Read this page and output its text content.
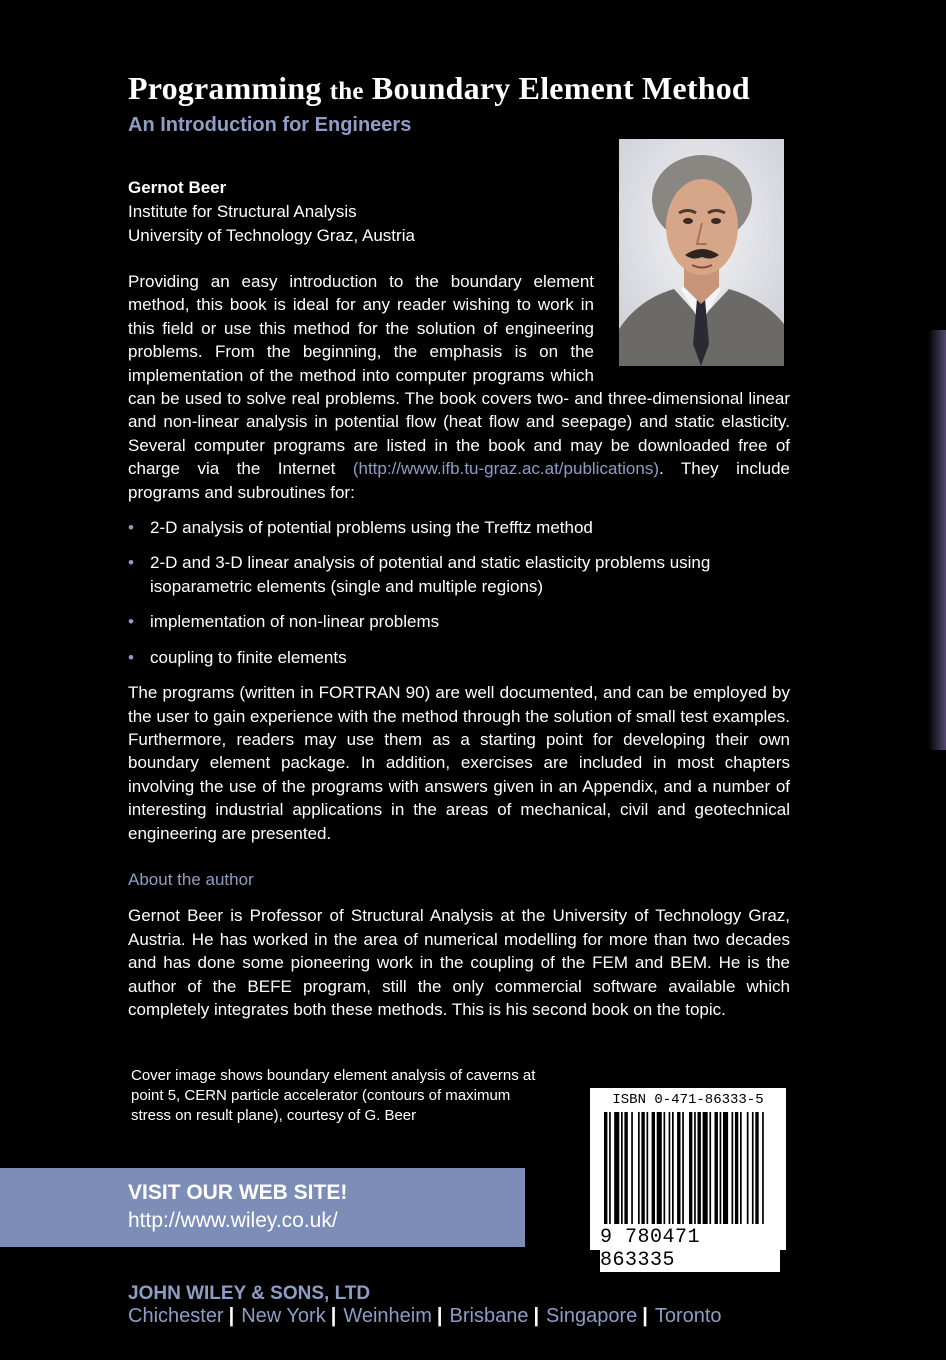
Programming the Boundary Element Method
An Introduction for Engineers
Gernot Beer
Institute for Structural Analysis
University of Technology Graz, Austria

Providing an easy introduction to the boundary element method, this book is ideal for any reader wishing to work in this field or use this method for the solution of engineering problems. From the beginning, the emphasis is on the implementation of the method into computer programs which can be used to solve real problems. The book covers two- and three-dimensional linear and non-linear analysis in potential flow (heat flow and seepage) and static elasticity. Several computer programs are listed in the book and may be downloaded free of charge via the Internet (http://www.ifb.tu-graz.ac.at/publications). They include programs and subroutines for:

• 2-D analysis of potential problems using the Trefftz method
• 2-D and 3-D linear analysis of potential and static elasticity problems using isoparametric elements (single and multiple regions)
• implementation of non-linear problems
• coupling to finite elements

The programs (written in FORTRAN 90) are well documented, and can be employed by the user to gain experience with the method through the solution of small test examples. Furthermore, readers may use them as a starting point for developing their own boundary element package. In addition, exercises are included in most chapters involving the use of the programs with answers given in an Appendix, and a number of interesting industrial applications in the areas of mechanical, civil and geotechnical engineering are presented.

About the author

Gernot Beer is Professor of Structural Analysis at the University of Technology Graz, Austria. He has worked in the area of numerical modelling for more than two decades and has done some pioneering work in the coupling of the FEM and BEM. He is the author of the BEFE program, still the only commercial software available which completely integrates both these methods. This is his second book on the topic.

Cover image shows boundary element analysis of caverns at point 5, CERN particle accelerator (contours of maximum stress on result plane), courtesy of G. Beer
ISBN 0-471-86333-5
9 780471 863335
VISIT OUR WEB SITE!
http://www.wiley.co.uk/
JOHN WILEY & SONS, LTD
Chichester | New York | Weinheim | Brisbane | Singapore | Toronto
